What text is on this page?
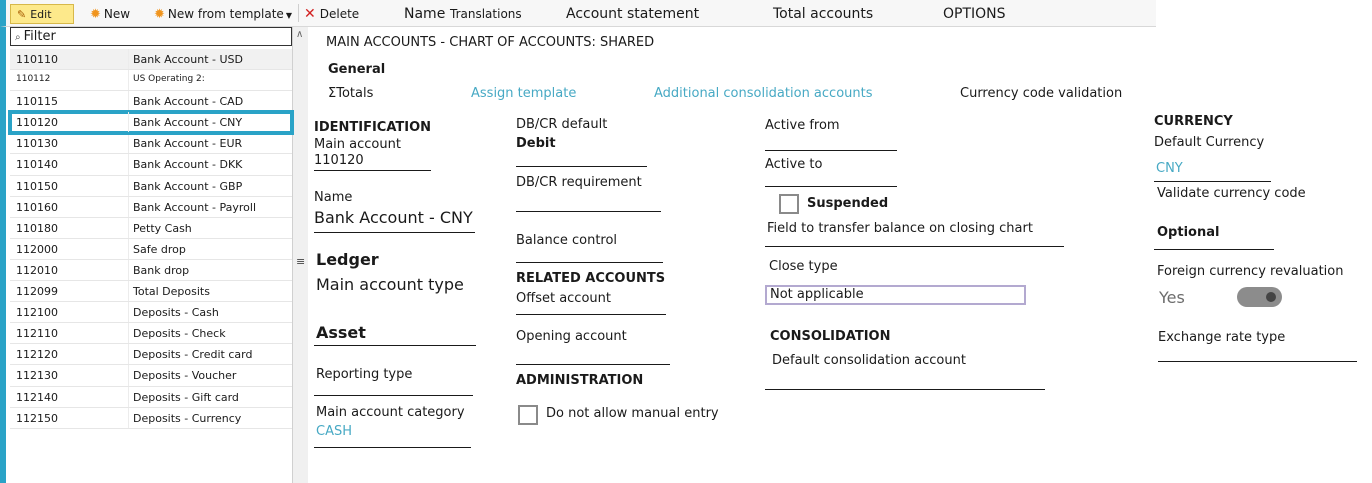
✎ Edit	✹ New ✹ New from template ▼ ✕ Delete	Name Translations	Account statement	Total accounts	OPTIONS
⌕ Filter
110110	Bank Account - USD
110112	US Operating 2:
110115	Bank Account - CAD
110120	Bank Account - CNY
110130	Bank Account - EUR
110140	Bank Account - DKK
110150	Bank Account - GBP
110160	Bank Account - Payroll
110180	Petty Cash
112000	Safe drop
112010	Bank drop
112099	Total Deposits
112100	Deposits - Cash
112110	Deposits - Check
112120	Deposits - Credit card
112130	Deposits - Voucher
112140	Deposits - Gift card
112150	Deposits - Currency
∧
≡
MAIN ACCOUNTS - CHART OF ACCOUNTS: SHARED
General
ΣTotals	Assign template	Additional consolidation accounts	Currency code validation
IDENTIFICATION
Main account
110120
Name
Bank Account - CNY
Ledger
Main account type
Asset
Reporting type
Main account category
CASH
DB/CR default
Debit
DB/CR requirement
Balance control
RELATED ACCOUNTS
Offset account
Opening account
ADMINISTRATION
Do not allow manual entry
Active from
Active to
Suspended
Field to transfer balance on closing chart
Close type
Not applicable
CONSOLIDATION
Default consolidation account
CURRENCY
Default Currency
CNY
Validate currency code
Optional
Foreign currency revaluation
Yes
Exchange rate type
